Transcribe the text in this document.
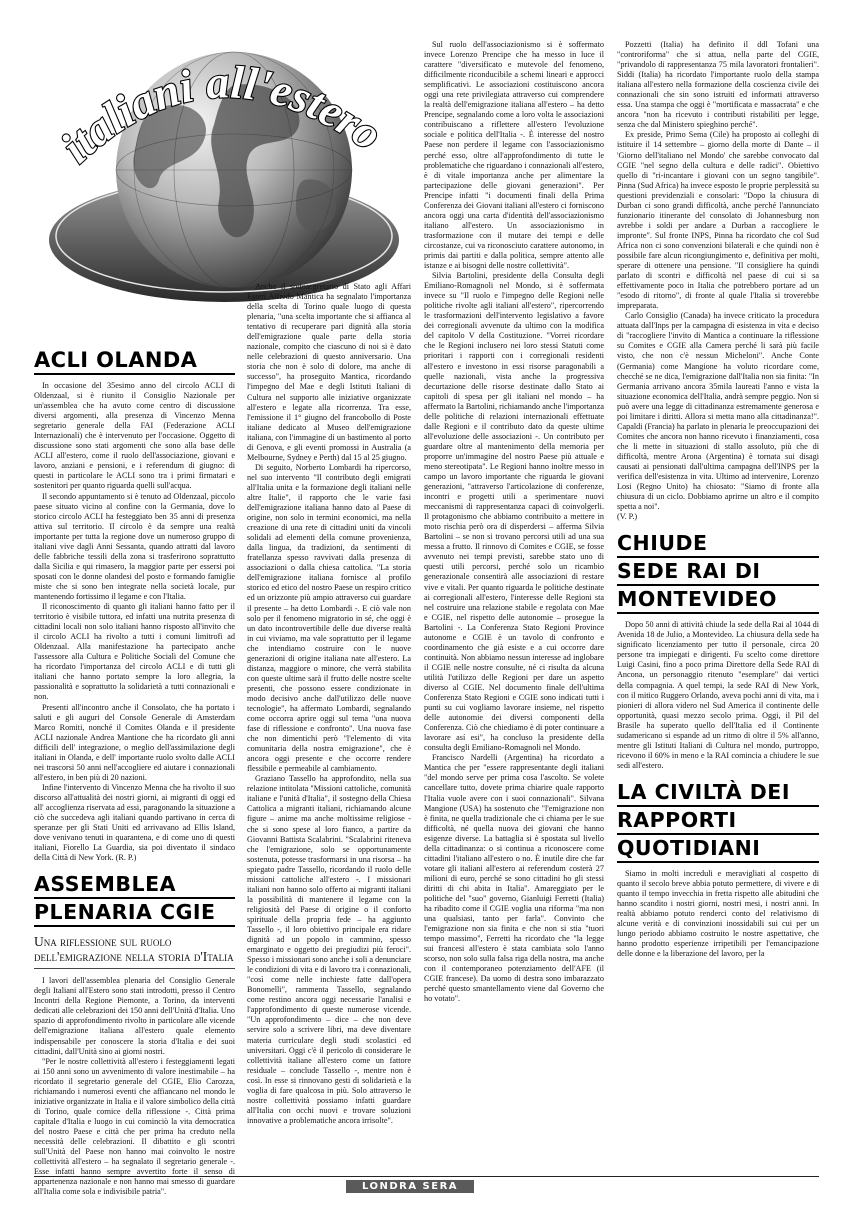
italiani all'estero
ACLI OLANDA

In occasione del 35esimo anno del circolo ACLI di Oldenzaal, si è riunito il Consiglio Nazionale per un'assemblea che ha avuto come centro di discussione diversi argomenti, alla presenza di Vincenzo Menna segretario generale della FAI (Federazione ACLI Internazionali) che è intervenuto per l'occasione. Oggetto di discussione sono stati argomenti che sono alla base delle ACLI all'estero, come il ruolo dell'associazione, giovani e lavoro, anziani e pensioni, e i referendum di giugno: di questi in particolare le ACLI sono tra i primi firmatari e sostenitori per quanto riguarda quelli sull'acqua.

Il secondo appuntamento si è tenuto ad Oldenzaal, piccolo paese situato vicino al confine con la Germania, dove lo storico circolo ACLI ha festeggiato ben 35 anni di presenza attiva sul territorio. Il circolo è da sempre una realtà importante per tutta la regione dove un numeroso gruppo di italiani vive dagli Anni Sessanta, quando attratti dal lavoro delle fabbriche tessili della zona si trasferirono soprattutto dalla Sicilia e qui rimasero, la maggior parte per essersi poi sposati con le donne olandesi del posto e formando famiglie miste che si sono ben integrate nella società locale, pur mantenendo fortissimo il legame e con l'Italia.

Il riconoscimento di quanto gli italiani hanno fatto per il territorio è visibile tuttora, ed infatti una nutrita presenza di cittadini locali non solo italiani hanno risposto all'invito che il circolo ACLI ha rivolto a tutti i comuni limitrofi ad Oldenzaal. Alla manifestazione ha partecipato anche l'assessore alla Cultura e Politiche Sociali del Comune che ha ricordato l'importanza del circolo ACLI e di tutti gli italiani che hanno portato sempre la loro allegria, la passionalità e soprattutto la solidarietà a tutti connazionali e non.

Presenti all'incontro anche il Consolato, che ha portato i saluti e gli auguri del Console Generale di Amsterdam Marco Romiti, nonché il Comites Olanda e il presidente ACLI nazionale Andrea Mantione che ha ricordato gli anni difficili dell' integrazione, o meglio dell'assimilazione degli italiani in Olanda, e dell' importante ruolo svolto dalle ACLI nei trascorsi 50 anni nell'accogliere ed aiutare i connazionali all'estero, in ben più di 20 nazioni.

Infine l'intervento di Vincenzo Menna che ha rivolto il suo discorso all'attualità dei nostri giorni, ai migranti di oggi ed all' accoglienza riservata ad essi, paragonando la situazione a ciò che succedeva agli italiani quando partivano in cerca di speranze per gli Stati Uniti ed arrivavano ad Ellis Island, dove venivano tenuti in quarantena, e di come uno di questi italiani, Fiorello La Guardia, sia poi diventato il sindaco della Città di New York. (R. P.)

ASSEMBLEA
PLENARIA CGIE
Una riflessione sul ruolo dell'emigrazione nella storia d'Italia

I lavori dell'assemblea plenaria del Consiglio Generale degli Italiani all'Estero sono stati introdotti, presso il Centro Incontri della Regione Piemonte, a Torino, da interventi dedicati alle celebrazioni dei 150 anni dell'Unità d'Italia. Uno spazio di approfondimento rivolto in particolare alle vicende dell'emigrazione italiana all'estero quale elemento indispensabile per conoscere la storia d'Italia e dei suoi cittadini, dall'Unità sino ai giorni nostri.

"Per le nostre collettività all'estero i festeggiamenti legati ai 150 anni sono un avvenimento di valore inestimabile – ha ricordato il segretario generale del CGIE, Elio Carozza, richiamando i numerosi eventi che affiancano nel mondo le iniziative organizzate in Italia e il valore simbolico della città di Torino, quale cornice della riflessione -. Città prima capitale d'Italia e luogo in cui cominciò la vita democratica del nostro Paese e città che per prima ha creduto nella necessità delle celebrazioni. Il dibattito e gli scontri sull'Unità del Paese non hanno mai coinvolto le nostre collettività all'estero – ha segnalato il segretario generale -. Esse infatti hanno sempre avvertito forte il senso di appartenenza nazionale e non hanno mai smesso di guardare all'Italia come sola e indivisibile patria".

Anche il sottosegretario di Stato agli Affari Esteri Alfredo Mantica ha segnalato l'importanza della scelta di Torino quale luogo di questa plenaria, "una scelta importante che si affianca al tentativo di recuperare pari dignità alla storia dell'emigrazione quale parte della storia nazionale, compito che ciascuno di noi si è dato nelle celebrazioni di questo anniversario. Una storia che non è solo di dolore, ma anche di successo", ha proseguito Mantica, ricordando l'impegno del Mae e degli Istituti Italiani di Cultura nel supporto alle iniziative organizzate all'estero e legate alla ricorrenza. Tra esse, l'emissione il 1° giugno del francobollo di Poste italiane dedicato al Museo dell'emigrazione italiana, con l'immagine di un bastimento al porto di Genova, e gli eventi promossi in Australia (a Melbourne, Sydney e Perth) dal 15 al 25 giugno.

Di seguito, Norberto Lombardi ha ripercorso, nel suo intervento "Il contributo degli emigrati all'Italia unita e la formazione degli italiani nelle altre Italie", il rapporto che le varie fasi dell'emigrazione italiana hanno dato al Paese di origine, non solo in termini economici, ma nella creazione di una rete di cittadini uniti da vincoli solidali ad elementi della comune provenienza, dalla lingua, da tradizioni, da sentimenti di fratellanza spesso ravvivati dalla presenza di associazioni o dalla chiesa cattolica. "La storia dell'emigrazione italiana fornisce al profilo storico ed etico del nostro Paese un respiro critico ed un orizzonte più ampio attraverso cui guardare il presente – ha detto Lombardi -. E ciò vale non solo per il fenomeno migratorio in sé, che oggi è un dato incontrovertibile delle due diverse realtà in cui viviamo, ma vale soprattutto per il legame che intendiamo costruire con le nuove generazioni di origine italiana nate all'estero. La distanza, maggiore o minore, che verrà stabilita con queste ultime sarà il frutto delle nostre scelte presenti, che possono essere condizionate in modo decisivo anche dall'utilizzo delle nuove tecnologie", ha affermato Lombardi, segnalando come occorra aprire oggi sul tema "una nuova fase di riflessione e confronto". Una nuova fase che non dimentichi però "l'elemento di vita comunitaria della nostra emigrazione", che è ancora oggi presente e che occorre rendere flessibile e permeabile al cambiamento.

Graziano Tassello ha approfondito, nella sua relazione intitolata "Missioni cattoliche, comunità italiane e l'unità d'Italia", il sostegno della Chiesa Cattolica a migranti italiani, richiamando alcune figure – anime ma anche moltissime religiose - che si sono spese al loro fianco, a partire da Giovanni Battista Scalabrini. "Scalabrini riteneva che l'emigrazione, solo se opportunamente sostenuta, potesse trasformarsi in una risorsa – ha spiegato padre Tassello, ricordando il ruolo delle missioni cattoliche all'estero -. I missionari italiani non hanno solo offerto ai migranti italiani la possibilità di mantenere il legame con la religiosità del Paese di origine o il conforto spirituale della propria fede – ha aggiunto Tassello -, il loro obiettivo principale era ridare dignità ad un popolo in cammino, spesso emarginato e oggetto dei pregiudizi più feroci". Spesso i missionari sono anche i soli a denunciare le condizioni di vita e di lavoro tra i connazionali, "così come nelle inchieste fatte dall'opera Bonomelli", rammenta Tassello, segnalando come restino ancora oggi necessarie l'analisi e l'approfondimento di queste numerose vicende. "Un approfondimento – dice – che non deve servire solo a scrivere libri, ma deve diventare materia curriculare degli studi scolastici ed universitari. Oggi c'è il pericolo di considerare le collettività italiane all'estero come un fattore residuale – conclude Tassello -, mentre non è così. In esse si rinnovano gesti di solidarietà e la voglia di fare qualcosa in più. Solo attraverso le nostre collettività possiamo infatti guardare all'Italia con occhi nuovi e trovare soluzioni innovative a problematiche ancora irrisolte".

Sul ruolo dell'associazionismo si è soffermato invece Lorenzo Prencipe che ha messo in luce il carattere "diversificato e mutevole del fenomeno, difficilmente riconducibile a schemi lineari e approcci semplificativi. Le associazioni costituiscono ancora oggi una rete privilegiata attraverso cui comprendere la realtà dell'emigrazione italiana all'estero – ha detto Prencipe, segnalando come a loro volta le associazioni contribuiscano a riflettere all'estero l'evoluzione sociale e politica dell'Italia -. È interesse del nostro Paese non perdere il legame con l'associazionismo perché esso, oltre all'approfondimento di tutte le problematiche che riguardano i connazionali all'estero, è di vitale importanza anche per alimentare la partecipazione delle giovani generazioni". Per Prencipe infatti "i documenti finali della Prima Conferenza dei Giovani italiani all'estero ci forniscono ancora oggi una carta d'identità dell'associazionismo italiano all'estero. Un associazionismo in trasformazione con il mutare dei tempi e delle circostanze, cui va riconosciuto carattere autonomo, in primis dai partiti e dalla politica, sempre attento alle istanze e ai bisogni delle nostre collettività".

Silvia Bartolini, presidente della Consulta degli Emiliano-Romagnoli nel Mondo, si è soffermata invece su "Il ruolo e l'impegno delle Regioni nelle politiche rivolte agli italiani all'estero", ripercorrendo le trasformazioni dell'intervento legislativo a favore dei corregionali avvenute da ultimo con la modifica del capitolo V della Costituzione. "Vorrei ricordare che le Regioni inclusero nei loro stessi Statuti come prioritari i rapporti con i corregionali residenti all'estero e investono in essi risorse paragonabili a quelle nazionali, vista anche la progressiva decurtazione delle risorse destinate dallo Stato ai capitoli di spesa per gli italiani nel mondo – ha affermato la Bartolini, richiamando anche l'importanza delle politiche di relazioni internazionali effettuate dalle Regioni e il contributo dato da queste ultime all'evoluzione delle associazioni -. Un contributo per guardare oltre al mantenimento della memoria per proporre un'immagine del nostro Paese più attuale e meno stereotipata". Le Regioni hanno inoltre messo in campo un lavoro importante che riguarda le giovani generazioni, "attraverso l'articolazione di conferenze, incontri e progetti utili a sperimentare nuovi meccanismi di rappresentanza capaci di coinvolgerli. Il protagonismo che abbiamo contribuito a mettere in moto rischia però ora di disperdersi – afferma Silvia Bartolini – se non si trovano percorsi utili ad una sua messa a frutto. Il rinnovo di Comites e CGIE, se fosse avvenuto nei tempi previsti, sarebbe stato uno di questi utili percorsi, perché solo un ricambio generazionale consentirà alle associazioni di restare vive e vitali. Per quanto riguarda le politiche destinate ai corregionali all'estero, l'interesse delle Regioni sta nel costruire una relazione stabile e regolata con Mae e CGIE, nel rispetto delle autonomie – prosegue la Bartolini -. La Conferenza Stato Regioni Province autonome e CGIE è un tavolo di confronto e coordinamento che già esiste e a cui occorre dare continuità. Non abbiamo nessun interesse ad inglobare il CGIE nelle nostre consulte, né ci risulta da alcuna utilità l'utilizzo delle Regioni per dare un aspetto diverso al CGIE. Nel documento finale dell'ultima Conferenza Stato Regioni e CGIE sono indicati tutti i punti su cui vogliamo lavorare insieme, nel rispetto delle autonomie dei diversi componenti della Conferenza. Ciò che chiediamo è di poter continuare a lavorare así esi", ha concluso la presidente della consulta degli Emiliano-Romagnoli nel Mondo.

Francisco Nardelli (Argentina) ha ricordato a Mantica che per "essere rappresentante degli italiani "del mondo serve per prima cosa l'ascolto. Se volete cancellare tutto, dovete prima chiarire quale rapporto l'Italia vuole avere con i suoi connazionali". Silvana Mangione (USA) ha sostenuto che "l'emigrazione non è finita, ne quella tradizionale che ci chiama per le sue difficoltà, né quella nuova dei giovani che hanno esigenze diverse. La battaglia si è spostata sul livello della cittadinanza: o si continua a riconoscere come cittadini l'italiano all'estero o no. È inutile dire che far votare gli italiani all'estero ai referendum costerà 27 milioni di euro, perché se sono cittadini ho gli stessi diritti di chi abita in Italia". Amareggiato per le politiche del "suo" governo, Gianluigi Ferretti (Italia) ha ribadito come il CGIE voglia una riforma "ma non una qualsiasi, tanto per farla". Convinto che l'emigrazione non sia finita e che non si stia "tuori tempo massimo", Ferretti ha ricordato che "la legge sui francesi all'estero è stata cambiata solo l'anno scorso, non solo sulla falsa riga della nostra, ma anche con il contemporaneo potenziamento dell'AFE (il CGIE francese). Da uomo di destra sono imbarazzato perché questo smantellamento viene dal Governo che ho votato".

Pozzetti (Italia) ha definito il ddl Tofani una "controriforma" che si attua, nella parte del CGIE, "privandolo di rappresentanza 75 mila lavoratori frontalieri". Siddi (Italia) ha ricordato l'importante ruolo della stampa italiana all'estero nella formazione della coscienza civile dei connazionali che sin sono istruiti ed informati attraverso essa. Una stampa che oggi è "mortificata e massacrata" e che ancora "non ha ricevuto i contributi ristabiliti per legge, senza che dal Ministero spieghino perché".

Ex preside, Primo Sema (Cile) ha proposto ai colleghi di istituire il 14 settembre – giorno della morte di Dante – il 'Giorno dell'italiano nel Mondo' che sarebbe convocato dal CGIE "nel segno della cultura e delle radici". Obiettivo quello di "ri-incantare i giovani con un segno tangibile". Pinna (Sud Africa) ha invece esposto le proprie perplessità su questioni previdenziali e consolari: "Dopo la chiusura di Durban ci sono grandi difficoltà, anche perché l'annunciato funzionario itinerante del consolato di Johannesburg non avrebbe i soldi per andare a Durban a raccogliere le impronte". Sul fronte INPS, Pinna ha ricordato che col Sud Africa non ci sono convenzioni bilaterali e che quindi non è possibile fare alcun ricongiungimento e, definitiva per molti, sperare di ottenere una pensione. "Il consigliere ha quindi parlato di scontri e difficoltà nel paese di cui si sa effettivamente poco in Italia che potrebbero portare ad un "esodo di ritorno", di fronte al quale l'Italia si troverebbe impreparata.

Carlo Consiglio (Canada) ha invece criticato la procedura attuata dall'Inps per la campagna di esistenza in vita e deciso di "raccogliere l'invito di Mantica a continuare la riflessione su Comites e CGIE alla Camera perché li sarà più facile visto, che non c'è nessun Micheloni". Anche Conte (Germania) come Mangione ha voluto ricordare come, checché se ne dica, l'emigrazione dall'Italia non sia finita: "In Germania arrivano ancora 35mila laureati l'anno e vista la situazione economica dell'Italia, andrà sempre peggio. Non si può avere una legge di cittadinanza estremamente generosa e poi limitare i diritti. Allora si metta mano alla cittadinanza!". Capaldi (Francia) ha parlato in plenaria le preoccupazioni dei Comites che ancora non hanno ricevuto i finanziamenti, cosa che li mette in situazioni di stallo assoluto, più che di difficoltà, mentre Arona (Argentina) è tornata sui disagi causati ai pensionati dall'ultima campagna dell'INPS per la verifica dell'esistenza in vita. Ultimo ad intervenire, Lorenzo Losi (Regno Unito) ha chiosato: "Siamo di fronte alla chiusura di un ciclo. Dobbiamo aprirne un altro e il compito spetta a noi".

(V. P.)

CHIUDE
SEDE RAI DI
MONTEVIDEO

Dopo 50 anni di attività chiude la sede della Rai al 1044 di Avenida 18 de Julio, a Montevideo. La chiusura della sede ha significato licenziamento per tutto il personale, circa 20 persone tra impiegati e dirigenti. Fu scelto come direttore Luigi Casini, fino a poco prima Direttore della Sede RAI di Ancona, un personaggio ritenuto "esemplare" dai vertici della compagnia. A quel tempi, la sede RAI di New York, con il mitico Ruggero Orlando, aveva pochi anni di vita, ma i pionieri di allora videro nel Sud America il continente delle opportunità, quasi mezzo secolo prima. Oggi, il Pil del Brasile ha superato quello dell'Italia ed il Continente sudamericano si espande ad un ritmo di oltre il 5% all'anno, mentre gli Istituti Italiani di Cultura nel mondo, purtroppo, ricevono il 60% in meno e la RAI comincia a chiudere le sue sedi all'estero.

LA CIVILTÀ DEI
RAPPORTI
QUOTIDIANI

Siamo in molti increduli e meravigliati al cospetto di quanto il secolo breve abbia potuto permettere, di vivere e di quanto il tempo invecchia in fretta rispetto alle abitudini che hanno scandito i nostri giorni, nostri mesi, i nostri anni. In realtà abbiamo potuto renderci conto del relativismo di alcune verità e di convinzioni inossidabili sui cui per un lungo periodo abbiamo costruito le nostre aspettative, che hanno prodotto esperienze irripetibili per l'emancipazione delle donne e la liberazione del lavoro, per la

LONDRA SERA
